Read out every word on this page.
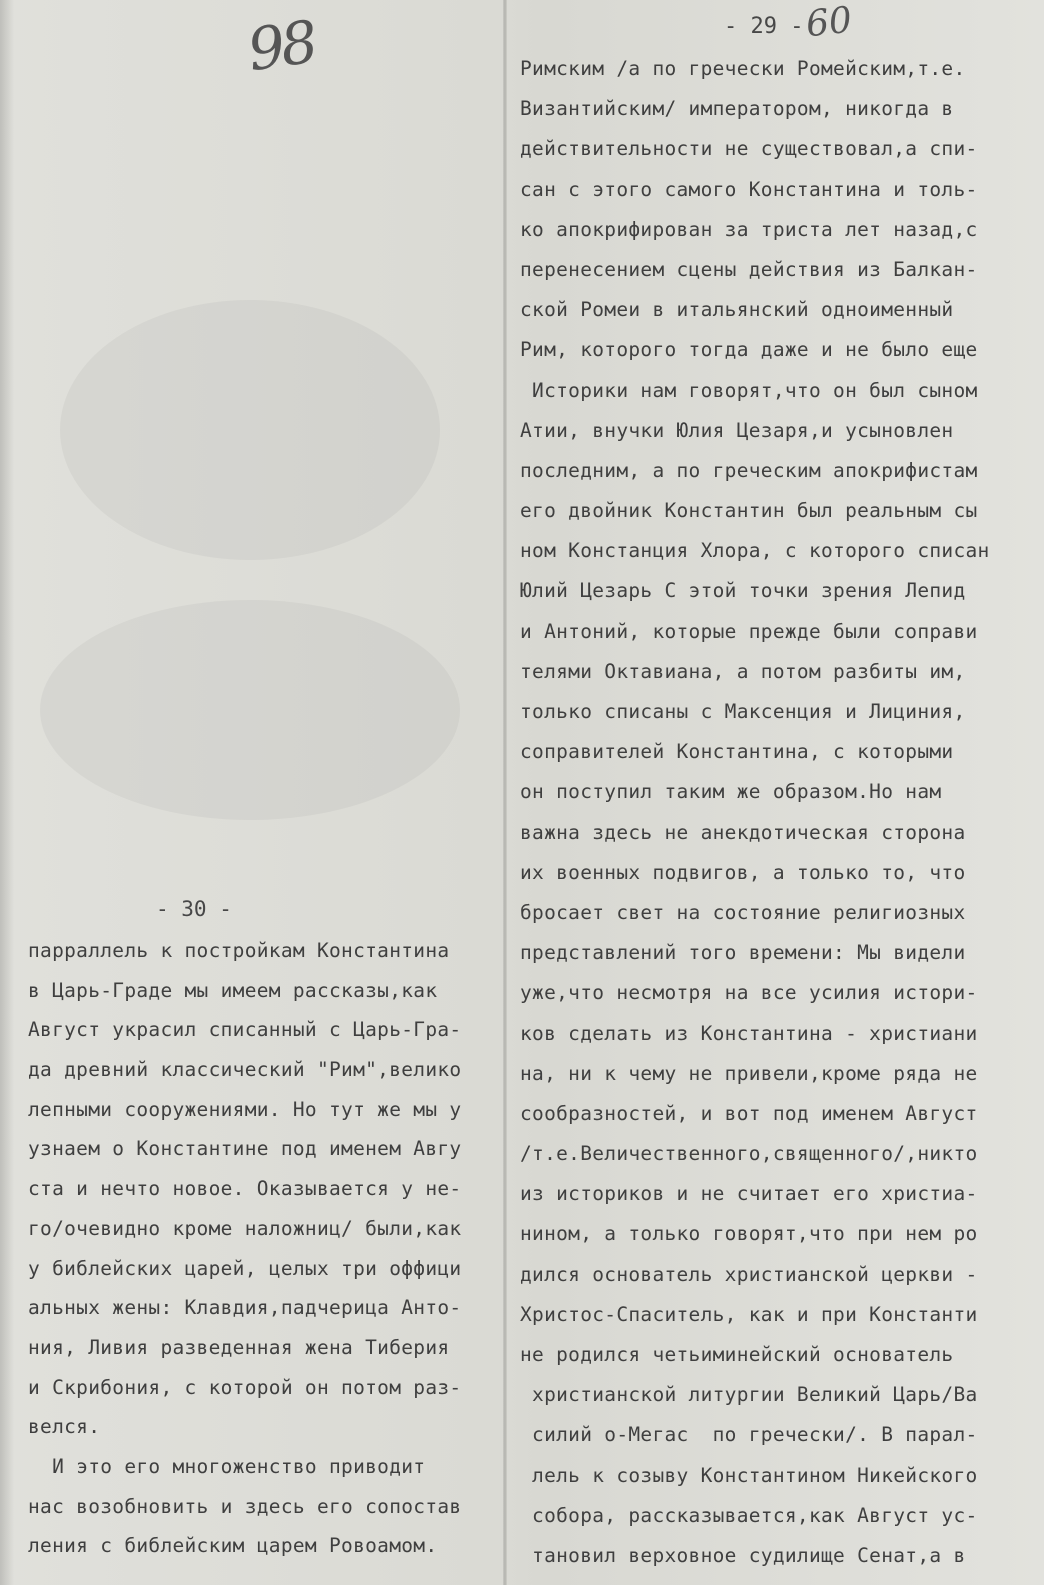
98	- 29 - 60
Римским /а по гречески Ромейским,т.е.
Византийским/ императором, никогда в
действительности не существовал,а спи-
сан с этого самого Константина и толь-
ко апокрифирован за триста лет назад,с
перенесением сцены действия из Балкан-
ской Ромеи в итальянский одноименный
Рим, которого тогда даже и не было еще
Историки нам говорят,что он был сыном
Атии, внучки Юлия Цезаря,и усыновлен
последним, а по греческим апокрифистам
его двойник Константин был реальным сы
ном Констанция Хлора, с которого списан
Юлий Цезарь С этой точки зрения Лепид
и Антоний, которые прежде были соправи
телями Октавиана, а потом разбиты им,
только списаны с Максенция и Лициния,
соправителей Константина, с которыми
он поступил таким же образом.Но нам
важна здесь не анекдотическая сторона
их военных подвигов, а только то, что
бросает свет на состояние религиозных
представлений того времени: Мы видели
уже,что несмотря на все усилия истори-
ков сделать из Константина - христиани
на, ни к чему не привели,кроме ряда не
сообразностей, и вот под именем Август
/т.е.Величественного,священного/,никто
из историков и не считает его христиа-
нином, а только говорят,что при нем ро
дился основатель христианской церкви -
Христос-Спаситель, как и при Константи
не родился четьиминейский основатель
христианской литургии Великий Царь/Ва
силий о-Мегас  по гречески/. В парал-
лель к созыву Константином Никейского
собора, рассказывается,как Август ус-
тановил верховное судилище Сенат,а в
- 30 -
парраллель к постройкам Константина
в Царь-Граде мы имеем рассказы,как
Август украсил списанный с Царь-Гра-
да древний классический "Рим",велико
лепными сооружениями. Но тут же мы у
узнаем о Константине под именем Авгу
ста и нечто новое. Оказывается у не-
го/очевидно кроме наложниц/ были,как
у библейских царей, целых три оффици
альных жены: Клавдия,падчерица Анто-
ния, Ливия разведенная жена Тиберия
и Скрибония, с которой он потом раз-
велся.
И это его многоженство приводит
нас возобновить и здесь его сопостав
ления с библейским царем Ровоамом.
